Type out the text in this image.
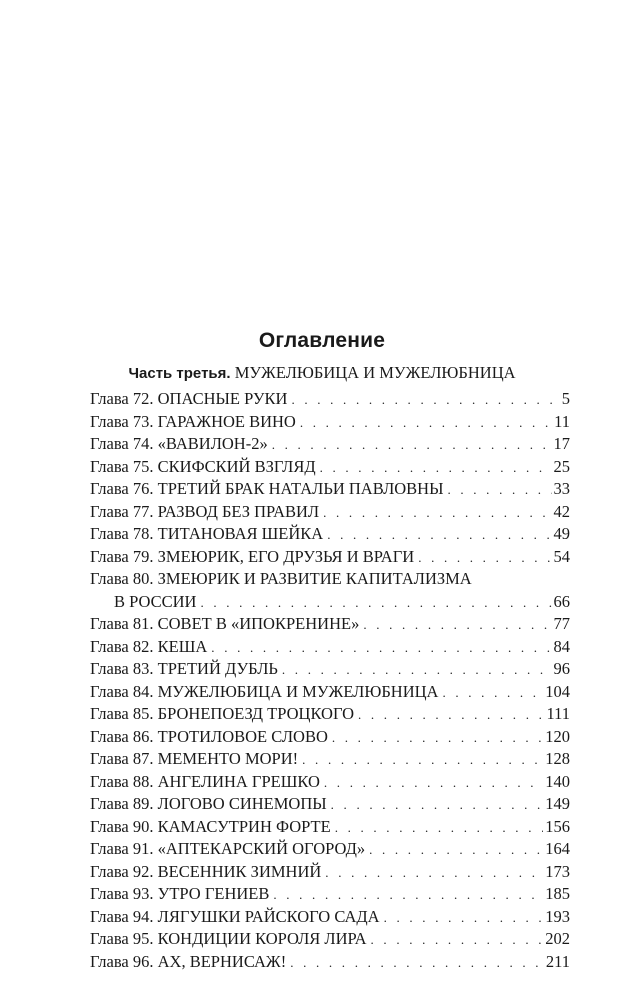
Оглавление
Часть третья. МУЖЕЛЮБИЦА И МУЖЕЛЮБНИЦА
Глава 72. ОПАСНЫЕ РУКИ . . .	5
Глава 73. ГАРАЖНОЕ ВИНО . . .	11
Глава 74. «ВАВИЛОН-2» . . .	17
Глава 75. СКИФСКИЙ ВЗГЛЯД . . .	25
Глава 76. ТРЕТИЙ БРАК НАТАЛЬИ ПАВЛОВНЫ . . .	33
Глава 77. РАЗВОД БЕЗ ПРАВИЛ . . .	42
Глава 78. ТИТАНОВАЯ ШЕЙКА . . .	49
Глава 79. ЗМЕЮРИК, ЕГО ДРУЗЬЯ И ВРАГИ . . .	54
Глава 80. ЗМЕЮРИК И РАЗВИТИЕ КАПИТАЛИЗМА
В РОССИИ . . .	66
Глава 81. СОВЕТ В «ИПОКРЕНИНЕ» . . .	77
Глава 82. КЕША . . .	84
Глава 83. ТРЕТИЙ ДУБЛЬ . . .	96
Глава 84. МУЖЕЛЮБИЦА И МУЖЕЛЮБНИЦА . . .	104
Глава 85. БРОНЕПОЕЗД ТРОЦКОГО . . .	111
Глава 86. ТРОТИЛОВОЕ СЛОВО . . .	120
Глава 87. МЕМЕНТО МОРИ! . . .	128
Глава 88. АНГЕЛИНА ГРЕШКО . . .	140
Глава 89. ЛОГОВО СИНЕМОПЫ . . .	149
Глава 90. КАМАСУТРИН ФОРТЕ . . .	156
Глава 91. «АПТЕКАРСКИЙ ОГОРОД» . . .	164
Глава 92. ВЕСЕННИК ЗИМНИЙ . . .	173
Глава 93. УТРО ГЕНИЕВ . . .	185
Глава 94. ЛЯГУШКИ РАЙСКОГО САДА . . .	193
Глава 95. КОНДИЦИИ КОРОЛЯ ЛИРА . . .	202
Глава 96. АХ, ВЕРНИСАЖ! . . .	211
